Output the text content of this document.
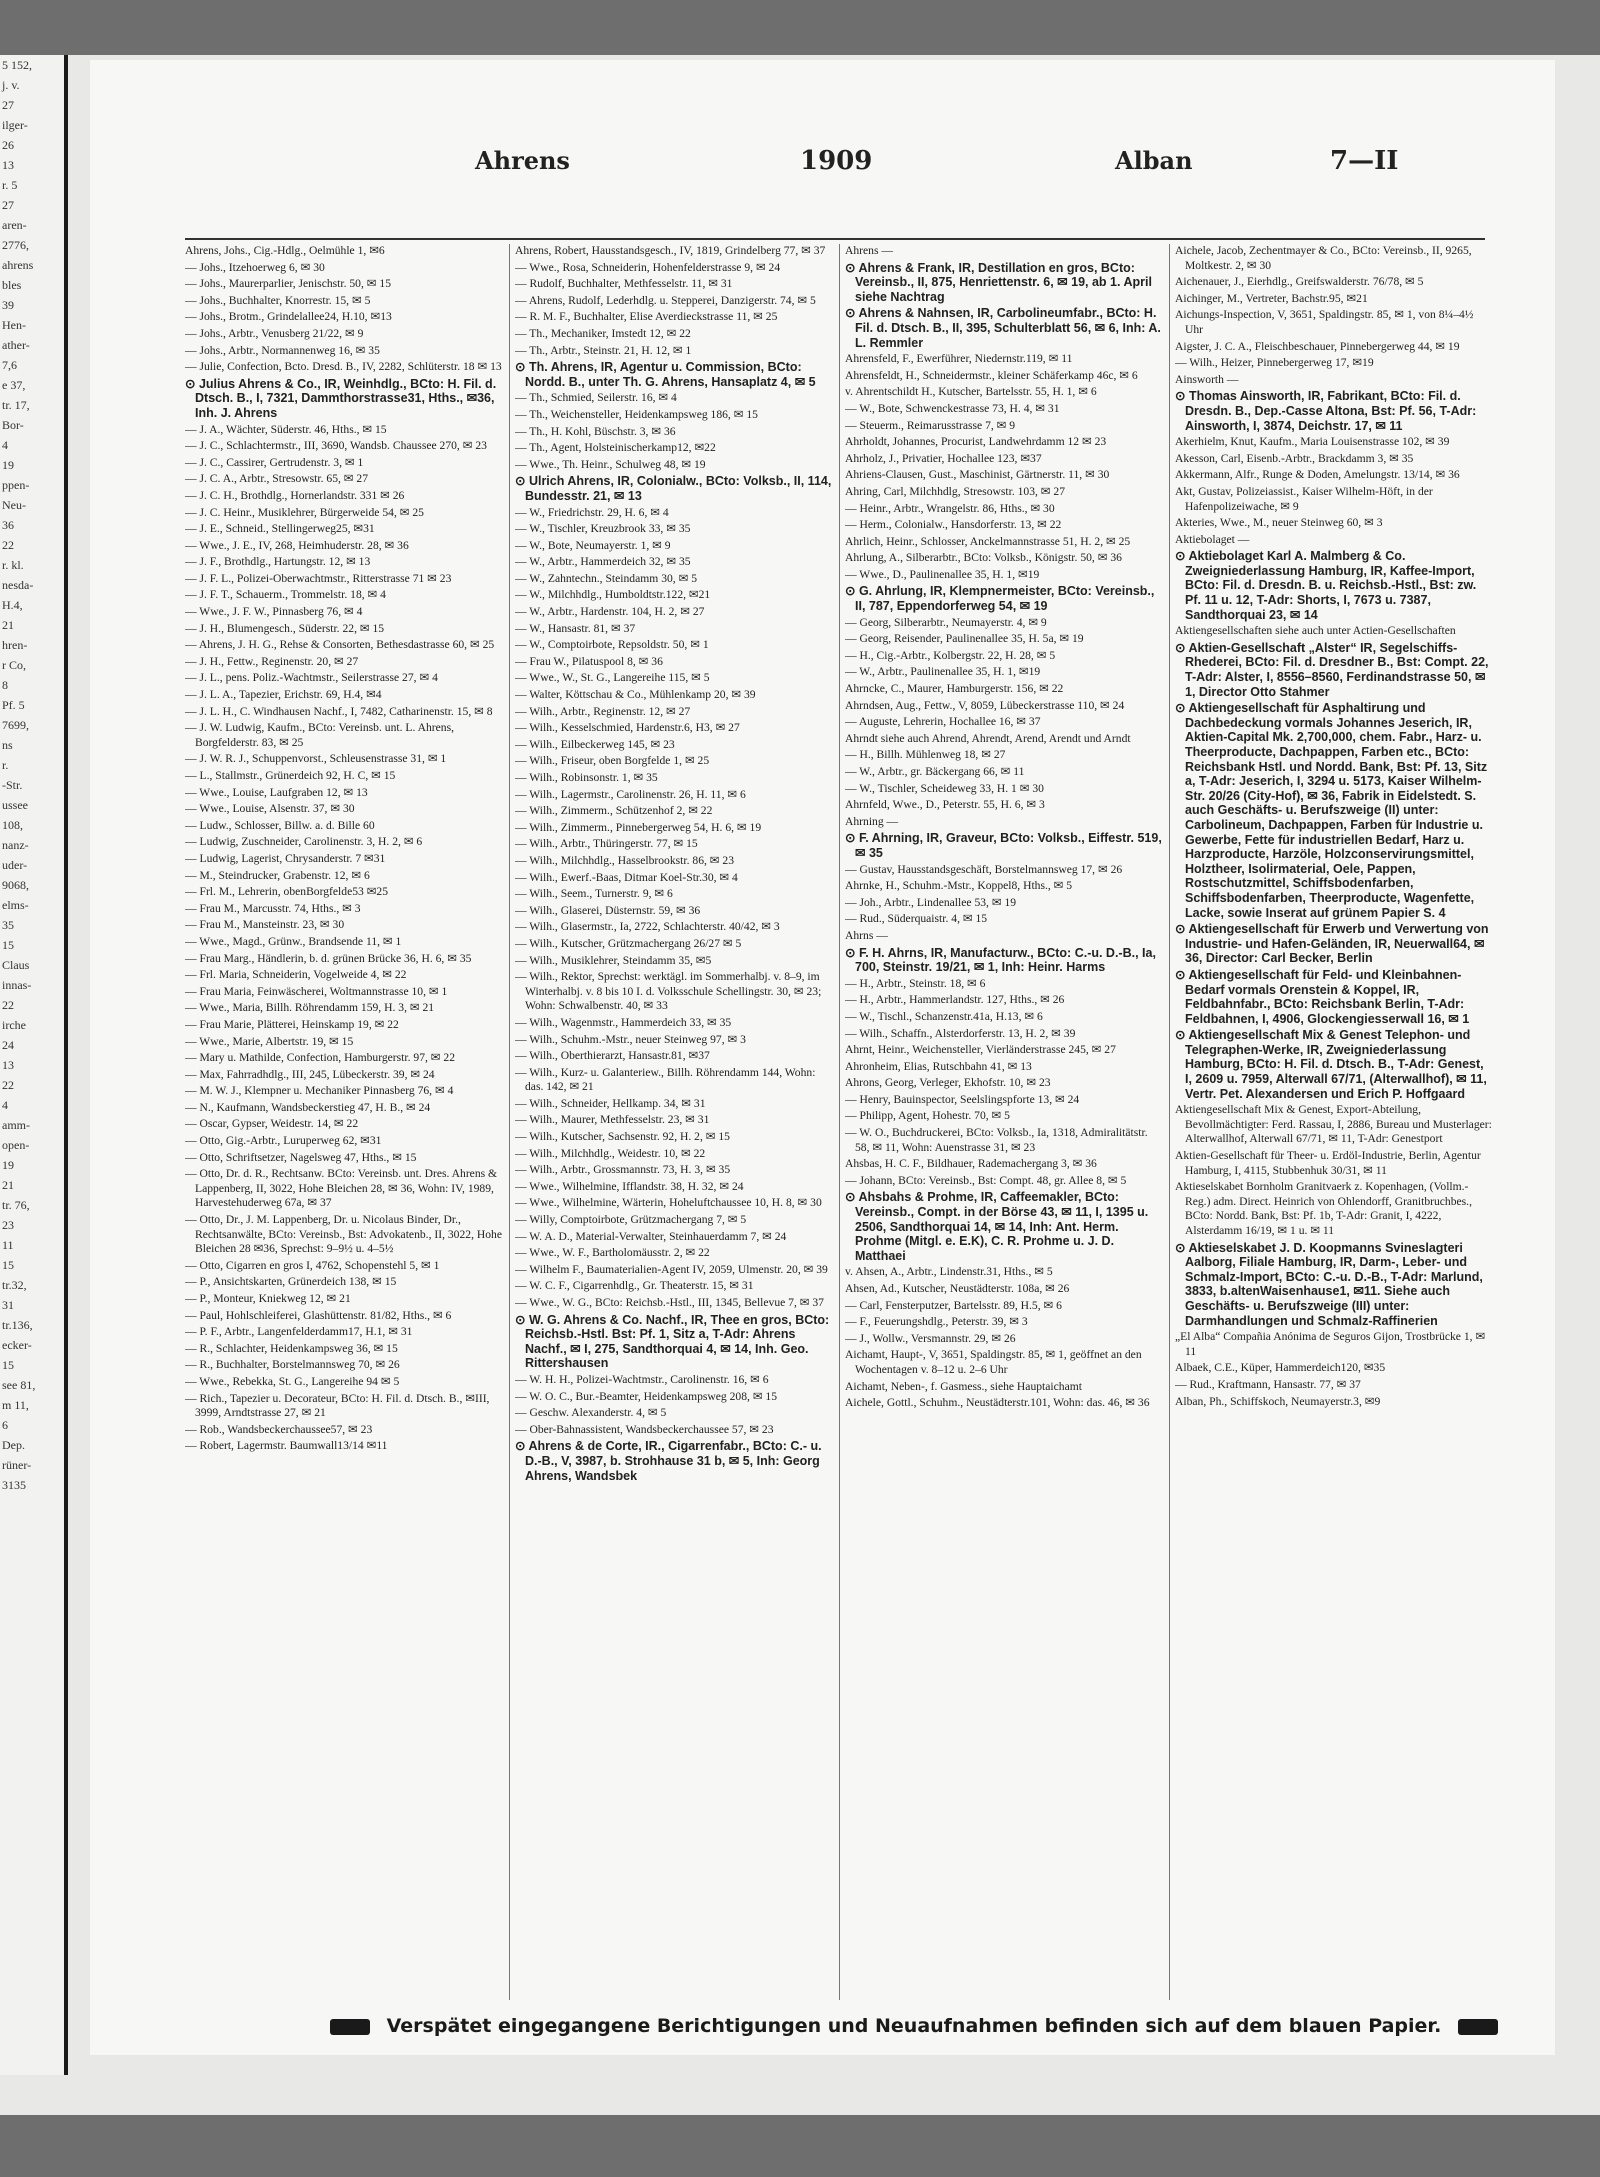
5 152,
j. v.
27
ilger-
26
13
r. 5
27
aren-
2776,
ahrens
bles
39
Hen-
ather-
7,6
e 37,
tr. 17,
Bor-
4
19
ppen-
Neu-
36
22
r. kl.
nesda-
H.4,
21
hren-
r Co,
8
Pf. 5
7699,
ns
r.
-Str.
ussee
108,
nanz-
uder-
9068,
elms-
35
15
Claus
innas-
22
irche
24
13
22
4
amm-
open-
19
21
tr. 76,
23
11
15
tr.32,
31
tr.136,
ecker-
15
see 81,
m 11,
6
Dep.
rüner-
3135
Ahrens	1909	Alban	7—II
Ahrens, Johs., Cig.-Hdlg., Oelmühle 1, ✉6
— Johs., Itzehoerweg 6, ✉ 30
— Johs., Maurerparlier, Jenischstr. 50, ✉ 15
— Johs., Buchhalter, Knorrestr. 15, ✉ 5
— Johs., Brotm., Grindelallee24, H.10, ✉13
— Johs., Arbtr., Venusberg 21/22, ✉ 9
— Johs., Arbtr., Normannenweg 16, ✉ 35
— Julie, Confection, Bcto. Dresd. B., IV, 2282, Schlüterstr. 18 ✉ 13
⊙ Julius Ahrens & Co., IR, Weinhdlg., BCto: H. Fil. d. Dtsch. B., I, 7321, Dammthorstrasse31, Hths., ✉36, Inh. J. Ahrens
— J. A., Wächter, Süderstr. 46, Hths., ✉ 15
— J. C., Schlachtermstr., III, 3690, Wandsb. Chaussee 270, ✉ 23
— J. C., Cassirer, Gertrudenstr. 3, ✉ 1
— J. C. A., Arbtr., Stresowstr. 65, ✉ 27
— J. C. H., Brothdlg., Hornerlandstr. 331 ✉ 26
— J. C. Heinr., Musiklehrer, Bürgerweide 54, ✉ 25
— J. E., Schneid., Stellingerweg25, ✉31
— Wwe., J. E., IV, 268, Heimhuderstr. 28, ✉ 36
— J. F., Brothdlg., Hartungstr. 12, ✉ 13
— J. F. L., Polizei-Oberwachtmstr., Ritterstrasse 71 ✉ 23
— J. F. T., Schauerm., Trommelstr. 18, ✉ 4
— Wwe., J. F. W., Pinnasberg 76, ✉ 4
— J. H., Blumengesch., Süderstr. 22, ✉ 15
— Ahrens, J. H. G., Rehse & Consorten, Bethesdastrasse 60, ✉ 25
— J. H., Fettw., Reginenstr. 20, ✉ 27
— J. L., pens. Poliz.-Wachtmstr., Seilerstrasse 27, ✉ 4
— J. L. A., Tapezier, Erichstr. 69, H.4, ✉4
— J. L. H., C. Windhausen Nachf., I, 7482, Catharinenstr. 15, ✉ 8
— J. W. Ludwig, Kaufm., BCto: Vereinsb. unt. L. Ahrens, Borgfelderstr. 83, ✉ 25
— J. W. R. J., Schuppenvorst., Schleusenstrasse 31, ✉ 1
— L., Stallmstr., Grünerdeich 92, H. C, ✉ 15
— Wwe., Louise, Laufgraben 12, ✉ 13
— Wwe., Louise, Alsenstr. 37, ✉ 30
— Ludw., Schlosser, Billw. a. d. Bille 60
— Ludwig, Zuschneider, Carolinenstr. 3, H. 2, ✉ 6
— Ludwig, Lagerist, Chrysanderstr. 7 ✉31
— M., Steindrucker, Grabenstr. 12, ✉ 6
— Frl. M., Lehrerin, obenBorgfelde53 ✉25
— Frau M., Marcusstr. 74, Hths., ✉ 3
— Frau M., Mansteinstr. 23, ✉ 30
— Wwe., Magd., Grünw., Brandsende 11, ✉ 1
— Frau Marg., Händlerin, b. d. grünen Brücke 36, H. 6, ✉ 35
— Frl. Maria, Schneiderin, Vogelweide 4, ✉ 22
— Frau Maria, Feinwäscherei, Woltmannstrasse 10, ✉ 1
— Wwe., Maria, Billh. Röhrendamm 159, H. 3, ✉ 21
— Frau Marie, Plätterei, Heinskamp 19, ✉ 22
— Wwe., Marie, Albertstr. 19, ✉ 15
— Mary u. Mathilde, Confection, Hamburgerstr. 97, ✉ 22
— Max, Fahrradhdlg., III, 245, Lübeckerstr. 39, ✉ 24
— M. W. J., Klempner u. Mechaniker Pinnasberg 76, ✉ 4
— N., Kaufmann, Wandsbeckerstieg 47, H. B., ✉ 24
— Oscar, Gypser, Weidestr. 14, ✉ 22
— Otto, Gig.-Arbtr., Luruperweg 62, ✉31
— Otto, Schriftsetzer, Nagelsweg 47, Hths., ✉ 15
— Otto, Dr. d. R., Rechtsanw. BCto: Vereinsb. unt. Dres. Ahrens & Lappenberg, II, 3022, Hohe Bleichen 28, ✉ 36, Wohn: IV, 1989, Harvestehuderweg 67a, ✉ 37
— Otto, Dr., J. M. Lappenberg, Dr. u. Nicolaus Binder, Dr., Rechtsanwälte, BCto: Vereinsb., Bst: Advokatenb., II, 3022, Hohe Bleichen 28 ✉36, Sprechst: 9–9½ u. 4–5½
— Otto, Cigarren en gros I, 4762, Schopenstehl 5, ✉ 1
— P., Ansichtskarten, Grünerdeich 138, ✉ 15
— P., Monteur, Kniekweg 12, ✉ 21
— Paul, Hohlschleiferei, Glashüttenstr. 81/82, Hths., ✉ 6
— P. F., Arbtr., Langenfelderdamm17, H.1, ✉ 31
— R., Schlachter, Heidenkampsweg 36, ✉ 15
— R., Buchhalter, Borstelmannsweg 70, ✉ 26
— Wwe., Rebekka, St. G., Langereihe 94 ✉ 5
— Rich., Tapezier u. Decorateur, BCto: H. Fil. d. Dtsch. B., ✉III, 3999, Arndtstrasse 27, ✉ 21
— Rob., Wandsbeckerchaussee57, ✉ 23
— Robert, Lagermstr. Baumwall13/14 ✉11
Ahrens, Robert, Hausstandsgesch., IV, 1819, Grindelberg 77, ✉ 37
— Wwe., Rosa, Schneiderin, Hohenfelderstrasse 9, ✉ 24
— Rudolf, Buchhalter, Methfesselstr. 11, ✉ 31
— Ahrens, Rudolf, Lederhdlg. u. Stepperei, Danzigerstr. 74, ✉ 5
— R. M. F., Buchhalter, Elise Averdieckstrasse 11, ✉ 25
— Th., Mechaniker, Imstedt 12, ✉ 22
— Th., Arbtr., Steinstr. 21, H. 12, ✉ 1
⊙ Th. Ahrens, IR, Agentur u. Commission, BCto: Nordd. B., unter Th. G. Ahrens, Hansaplatz 4, ✉ 5
— Th., Schmied, Seilerstr. 16, ✉ 4
— Th., Weichensteller, Heidenkampsweg 186, ✉ 15
— Th., H. Kohl, Büschstr. 3, ✉ 36
— Th., Agent, Holsteinischerkamp12, ✉22
— Wwe., Th. Heinr., Schulweg 48, ✉ 19
⊙ Ulrich Ahrens, IR, Colonialw., BCto: Volksb., II, 114, Bundesstr. 21, ✉ 13
— W., Friedrichstr. 29, H. 6, ✉ 4
— W., Tischler, Kreuzbrook 33, ✉ 35
— W., Bote, Neumayerstr. 1, ✉ 9
— W., Arbtr., Hammerdeich 32, ✉ 35
— W., Zahntechn., Steindamm 30, ✉ 5
— W., Milchhdlg., Humboldtstr.122, ✉21
— W., Arbtr., Hardenstr. 104, H. 2, ✉ 27
— W., Hansastr. 81, ✉ 37
— W., Comptoirbote, Repsoldstr. 50, ✉ 1
— Frau W., Pilatuspool 8, ✉ 36
— Wwe., W., St. G., Langereihe 115, ✉ 5
— Walter, Köttschau & Co., Mühlenkamp 20, ✉ 39
— Wilh., Arbtr., Reginenstr. 12, ✉ 27
— Wilh., Kesselschmied, Hardenstr.6, H3, ✉ 27
— Wilh., Eilbeckerweg 145, ✉ 23
— Wilh., Friseur, oben Borgfelde 1, ✉ 25
— Wilh., Robinsonstr. 1, ✉ 35
— Wilh., Lagermstr., Carolinenstr. 26, H. 11, ✉ 6
— Wilh., Zimmerm., Schützenhof 2, ✉ 22
— Wilh., Zimmerm., Pinnebergerweg 54, H. 6, ✉ 19
— Wilh., Arbtr., Thüringerstr. 77, ✉ 15
— Wilh., Milchhdlg., Hasselbrookstr. 86, ✉ 23
— Wilh., Ewerf.-Baas, Ditmar Koel-Str.30, ✉ 4
— Wilh., Seem., Turnerstr. 9, ✉ 6
— Wilh., Glaserei, Düsternstr. 59, ✉ 36
— Wilh., Glasermstr., Ia, 2722, Schlachterstr. 40/42, ✉ 3
— Wilh., Kutscher, Grützmachergang 26/27 ✉ 5
— Wilh., Musiklehrer, Steindamm 35, ✉5
— Wilh., Rektor, Sprechst: werktägl. im Sommerhalbj. v. 8–9, im Winterhalbj. v. 8 bis 10 I. d. Volksschule Schellingstr. 30, ✉ 23; Wohn: Schwalbenstr. 40, ✉ 33
— Wilh., Wagenmstr., Hammerdeich 33, ✉ 35
— Wilh., Schuhm.-Mstr., neuer Steinweg 97, ✉ 3
— Wilh., Oberthierarzt, Hansastr.81, ✉37
— Wilh., Kurz- u. Galanteriew., Billh. Röhrendamm 144, Wohn: das. 142, ✉ 21
— Wilh., Schneider, Hellkamp. 34, ✉ 31
— Wilh., Maurer, Methfesselstr. 23, ✉ 31
— Wilh., Kutscher, Sachsenstr. 92, H. 2, ✉ 15
— Wilh., Milchhdlg., Weidestr. 10, ✉ 22
— Wilh., Arbtr., Grossmannstr. 73, H. 3, ✉ 35
— Wwe., Wilhelmine, Ifflandstr. 38, H. 32, ✉ 24
— Wwe., Wilhelmine, Wärterin, Hoheluftchaussee 10, H. 8, ✉ 30
— Willy, Comptoirbote, Grützmachergang 7, ✉ 5
— W. A. D., Material-Verwalter, Steinhauerdamm 7, ✉ 24
— Wwe., W. F., Bartholomäusstr. 2, ✉ 22
— Wilhelm F., Baumaterialien-Agent IV, 2059, Ulmenstr. 20, ✉ 39
— W. C. F., Cigarrenhdlg., Gr. Theaterstr. 15, ✉ 31
— Wwe., W. G., BCto: Reichsb.-Hstl., III, 1345, Bellevue 7, ✉ 37
⊙ W. G. Ahrens & Co. Nachf., IR, Thee en gros, BCto: Reichsb.-Hstl. Bst: Pf. 1, Sitz a, T-Adr: Ahrens Nachf., ✉ I, 275, Sandthorquai 4, ✉ 14, Inh. Geo. Rittershausen
— W. H. H., Polizei-Wachtmstr., Carolinenstr. 16, ✉ 6
— W. O. C., Bur.-Beamter, Heidenkampsweg 208, ✉ 15
— Geschw. Alexanderstr. 4, ✉ 5
— Ober-Bahnassistent, Wandsbeckerchaussee 57, ✉ 23
⊙ Ahrens & de Corte, IR., Cigarrenfabr., BCto: C.- u. D.-B., V, 3987, b. Strohhause 31 b, ✉ 5, Inh: Georg Ahrens, Wandsbek
Ahrens —
⊙ Ahrens & Frank, IR, Destillation en gros, BCto: Vereinsb., II, 875, Henriettenstr. 6, ✉ 19, ab 1. April siehe Nachtrag
⊙ Ahrens & Nahnsen, IR, Carbolineumfabr., BCto: H. Fil. d. Dtsch. B., II, 395, Schulterblatt 56, ✉ 6, Inh: A. L. Remmler
Ahrensfeld, F., Ewerführer, Niedernstr.119, ✉ 11
Ahrensfeldt, H., Schneidermstr., kleiner Schäferkamp 46c, ✉ 6
v. Ahrentschildt H., Kutscher, Bartelsstr. 55, H. 1, ✉ 6
— W., Bote, Schwenckestrasse 73, H. 4, ✉ 31
— Steuerm., Reimarusstrasse 7, ✉ 9
Ahrholdt, Johannes, Procurist, Landwehrdamm 12 ✉ 23
Ahrholz, J., Privatier, Hochallee 123, ✉37
Ahriens-Clausen, Gust., Maschinist, Gärtnerstr. 11, ✉ 30
Ahring, Carl, Milchhdlg, Stresowstr. 103, ✉ 27
— Heinr., Arbtr., Wrangelstr. 86, Hths., ✉ 30
— Herm., Colonialw., Hansdorferstr. 13, ✉ 22
Ahrlich, Heinr., Schlosser, Anckelmannstrasse 51, H. 2, ✉ 25
Ahrlung, A., Silberarbtr., BCto: Volksb., Königstr. 50, ✉ 36
— Wwe., D., Paulinenallee 35, H. 1, ✉19
⊙ G. Ahrlung, IR, Klempnermeister, BCto: Vereinsb., II, 787, Eppendorferweg 54, ✉ 19
— Georg, Silberarbtr., Neumayerstr. 4, ✉ 9
— Georg, Reisender, Paulinenallee 35, H. 5a, ✉ 19
— H., Cig.-Arbtr., Kolbergstr. 22, H. 28, ✉ 5
— W., Arbtr., Paulinenallee 35, H. 1, ✉19
Ahrncke, C., Maurer, Hamburgerstr. 156, ✉ 22
Ahrndsen, Aug., Fettw., V, 8059, Lübeckerstrasse 110, ✉ 24
— Auguste, Lehrerin, Hochallee 16, ✉ 37
Ahrndt siehe auch Ahrend, Ahrendt, Arend, Arendt und Arndt
— H., Billh. Mühlenweg 18, ✉ 27
— W., Arbtr., gr. Bäckergang 66, ✉ 11
— W., Tischler, Scheideweg 33, H. 1 ✉ 30
Ahrnfeld, Wwe., D., Peterstr. 55, H. 6, ✉ 3
Ahrning —
⊙ F. Ahrning, IR, Graveur, BCto: Volksb., Eiffestr. 519, ✉ 35
— Gustav, Hausstandsgeschäft, Borstelmannsweg 17, ✉ 26
Ahrnke, H., Schuhm.-Mstr., Koppel8, Hths., ✉ 5
— Joh., Arbtr., Lindenallee 53, ✉ 19
— Rud., Süderquaistr. 4, ✉ 15
Ahrns —
⊙ F. H. Ahrns, IR, Manufacturw., BCto: C.-u. D.-B., Ia, 700, Steinstr. 19/21, ✉ 1, Inh: Heinr. Harms
— H., Arbtr., Steinstr. 18, ✉ 6
— H., Arbtr., Hammerlandstr. 127, Hths., ✉ 26
— W., Tischl., Schanzenstr.41a, H.13, ✉ 6
— Wilh., Schaffn., Alsterdorferstr. 13, H. 2, ✉ 39
Ahrnt, Heinr., Weichensteller, Vierländerstrasse 245, ✉ 27
Ahronheim, Elias, Rutschbahn 41, ✉ 13
Ahrons, Georg, Verleger, Ekhofstr. 10, ✉ 23
— Henry, Bauinspector, Seelslingspforte 13, ✉ 24
— Philipp, Agent, Hohestr. 70, ✉ 5
— W. O., Buchdruckerei, BCto: Volksb., Ia, 1318, Admiralitätstr. 58, ✉ 11, Wohn: Auenstrasse 31, ✉ 23
Ahsbas, H. C. F., Bildhauer, Rademachergang 3, ✉ 36
— Johann, BCto: Vereinsb., Bst: Compt. 48, gr. Allee 8, ✉ 5
⊙ Ahsbahs & Prohme, IR, Caffeemakler, BCto: Vereinsb., Compt. in der Börse 43, ✉ 11, I, 1395 u. 2506, Sandthorquai 14, ✉ 14, Inh: Ant. Herm. Prohme (Mitgl. e. E.K), C. R. Prohme u. J. D. Matthaei
v. Ahsen, A., Arbtr., Lindenstr.31, Hths., ✉ 5
Ahsen, Ad., Kutscher, Neustädterstr. 108a, ✉ 26
— Carl, Fensterputzer, Bartelsstr. 89, H.5, ✉ 6
— F., Feuerungshdlg., Peterstr. 39, ✉ 3
— J., Wollw., Versmannstr. 29, ✉ 26
Aichamt, Haupt-, V, 3651, Spaldingstr. 85, ✉ 1, geöffnet an den Wochentagen v. 8–12 u. 2–6 Uhr
Aichamt, Neben-, f. Gasmess., siehe Hauptaichamt
Aichele, Gottl., Schuhm., Neustädterstr.101, Wohn: das. 46, ✉ 36
Aichele, Jacob, Zechentmayer & Co., BCto: Vereinsb., II, 9265, Moltkestr. 2, ✉ 30
Aichenauer, J., Eierhdlg., Greifswalderstr. 76/78, ✉ 5
Aichinger, M., Vertreter, Bachstr.95, ✉21
Aichungs-Inspection, V, 3651, Spaldingstr. 85, ✉ 1, von 8¼–4½ Uhr
Aigster, J. C. A., Fleischbeschauer, Pinnebergerweg 44, ✉ 19
— Wilh., Heizer, Pinnebergerweg 17, ✉19
Ainsworth —
⊙ Thomas Ainsworth, IR, Fabrikant, BCto: Fil. d. Dresdn. B., Dep.-Casse Altona, Bst: Pf. 56, T-Adr: Ainsworth, I, 3874, Deichstr. 17, ✉ 11
Akerhielm, Knut, Kaufm., Maria Louisenstrasse 102, ✉ 39
Akesson, Carl, Eisenb.-Arbtr., Brackdamm 3, ✉ 35
Akkermann, Alfr., Runge & Doden, Amelungstr. 13/14, ✉ 36
Akt, Gustav, Polizeiassist., Kaiser Wilhelm-Höft, in der Hafenpolizeiwache, ✉ 9
Akteries, Wwe., M., neuer Steinweg 60, ✉ 3
Aktiebolaget —
⊙ Aktiebolaget Karl A. Malmberg & Co. Zweigniederlassung Hamburg, IR, Kaffee-Import, BCto: Fil. d. Dresdn. B. u. Reichsb.-Hstl., Bst: zw. Pf. 11 u. 12, T-Adr: Shorts, I, 7673 u. 7387, Sandthorquai 23, ✉ 14
Aktiengesellschaften siehe auch unter Actien-Gesellschaften
⊙ Aktien-Gesellschaft „Alster“ IR, Segelschiffs-Rhederei, BCto: Fil. d. Dresdner B., Bst: Compt. 22, T-Adr: Alster, I, 8556–8560, Ferdinandstrasse 50, ✉ 1, Director Otto Stahmer
⊙ Aktiengesellschaft für Asphaltirung und Dachbedeckung vormals Johannes Jeserich, IR, Aktien-Capital Mk. 2,700,000, chem. Fabr., Harz- u. Theerproducte, Dachpappen, Farben etc., BCto: Reichsbank Hstl. und Nordd. Bank, Bst: Pf. 13, Sitz a, T-Adr: Jeserich, I, 3294 u. 5173, Kaiser Wilhelm-Str. 20/26 (City-Hof), ✉ 36, Fabrik in Eidelstedt. S. auch Geschäfts- u. Berufszweige (II) unter: Carbolineum, Dachpappen, Farben für Industrie u. Gewerbe, Fette für industriellen Bedarf, Harz u. Harzproducte, Harzöle, Holzconservirungsmittel, Holztheer, Isolirmaterial, Oele, Pappen, Rostschutzmittel, Schiffsbodenfarben, Schiffsbodenfarben, Theerproducte, Wagenfette, Lacke, sowie Inserat auf grünem Papier S. 4
⊙ Aktiengesellschaft für Erwerb und Verwertung von Industrie- und Hafen-Geländen, IR, Neuerwall64, ✉36, Director: Carl Becker, Berlin
⊙ Aktiengesellschaft für Feld- und Kleinbahnen-Bedarf vormals Orenstein & Koppel, IR, Feldbahnfabr., BCto: Reichsbank Berlin, T-Adr: Feldbahnen, I, 4906, Glockengiesserwall 16, ✉ 1
⊙ Aktiengesellschaft Mix & Genest Telephon- und Telegraphen-Werke, IR, Zweigniederlassung Hamburg, BCto: H. Fil. d. Dtsch. B., T-Adr: Genest, I, 2609 u. 7959, Alterwall 67/71, (Alterwallhof), ✉ 11, Vertr. Pet. Alexandersen und Erich P. Hoffgaard
Aktiengesellschaft Mix & Genest, Export-Abteilung, Bevollmächtigter: Ferd. Rassau, I, 2886, Bureau und Musterlager: Alterwallhof, Alterwall 67/71, ✉ 11, T-Adr: Genestport
Aktien-Gesellschaft für Theer- u. Erdöl-Industrie, Berlin, Agentur Hamburg, I, 4115, Stubbenhuk 30/31, ✉ 11
Aktieselskabet Bornholm Granitvaerk z. Kopenhagen, (Vollm.-Reg.) adm. Direct. Heinrich von Ohlendorff, Granitbruchbes., BCto: Nordd. Bank, Bst: Pf. 1b, T-Adr: Granit, I, 4222, Alsterdamm 16/19, ✉ 1 u. ✉ 11
⊙ Aktieselskabet J. D. Koopmanns Svineslagteri Aalborg, Filiale Hamburg, IR, Darm-, Leber- und Schmalz-Import, BCto: C.-u. D.-B., T-Adr: Marlund, 3833, b.altenWaisenhause1, ✉11. Siehe auch Geschäfts- u. Berufszweige (III) unter: Darmhandlungen und Schmalz-Raffinerien
„El Alba“ Compañia Anónima de Seguros Gijon, Trostbrücke 1, ✉ 11
Albaek, C.E., Küper, Hammerdeich120, ✉35
— Rud., Kraftmann, Hansastr. 77, ✉ 37
Alban, Ph., Schiffskoch, Neumayerstr.3, ✉9
Verspätet eingegangene Berichtigungen und Neuaufnahmen befinden sich auf dem blauen Papier.
